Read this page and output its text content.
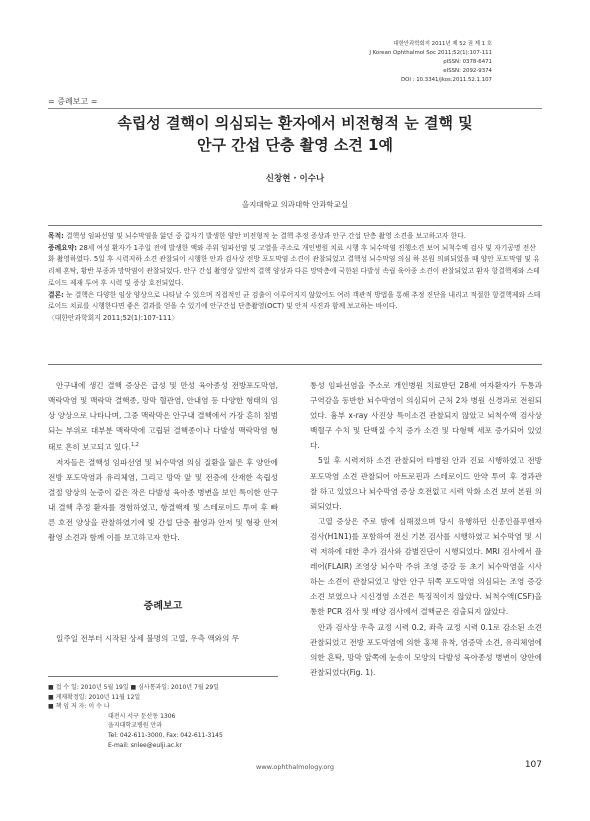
대한안과학회지 2011년 제 52 권 제 1 호
J Korean Ophthalmol Soc 2011;52(1):107-111
pISSN: 0378-6471
eISSN: 2092-9374
DOI : 10.3341/jkos.2011.52.1.107
= 증례보고 =
속립성 결핵이 의심되는 환자에서 비전형적 눈 결핵 및
안구 간섭 단층 촬영 소견 1예
신창현 · 이수나
을지대학교 의과대학 안과학교실

목적: 결핵성 임파선염 및 뇌수막염을 앓던 중 갑자기 발생한 양안 비전형적 눈 결핵 추정 증상과 안구 간섭 단층 촬영 소견을 보고하고자 한다.

증례요약: 28세 여성 환자가 1주일 전에 발생한 액와 주위 임파선염 및 고열을 주소로 개인병원 치료 시행 후 뇌수막염 진행소견 보여 뇌척수액 검사 및 자기공명 전산화 촬영하였다. 5일 후 시력저하 소견 관찰되어 시행한 안과 검사상 전방 포도막염 소견이 관찰되었고 결핵성 뇌수막염 의심 하 본원 의뢰되었을 때 양안 포도막염 및 유리체 혼탁, 황반 부종과 망막염이 관찰되었다. 안구 간섭 촬영상 일반적 결핵 양상과 다른 망막층에 국한된 다발성 속립 육아종 소견이 관찰되었고 환자 항결핵제와 스테로이드 제재 투여 후 시력 및 증상 호전되었다.

결론: 눈 결핵은 다양한 임상 양상으로 나타날 수 있으며 직접적인 균 검출이 이루어지지 않았어도 여러 객관적 방법을 통해 추정 진단을 내리고 적절한 항결핵제와 스테로이드 치료를 시행한다면 좋은 결과를 얻을 수 있기에 안구간섭 단층촬영(OCT) 및 안저 사진과 함께 보고하는 바이다.

〈대한안과학회지 2011;52(1):107-111〉

안구내에 생긴 결핵 증상은 급성 및 만성 육아종성 전방포도막염, 맥락막염 및 맥락막 결핵종, 망막 혈관염, 안내염 등 다양한 형태의 임상 양상으로 나타나며, 그중 맥락막은 안구내 결핵에서 가장 흔히 침범되는 부위로 대부분 맥락막에 고립된 결핵종이나 다발성 맥락막염 형태로 흔히 보고되고 있다.$^{1,2}$

저자들은 결핵성 임파선염 및 뇌수막염 의심 질환을 앓은 후 양안에 전방 포도막염과 유리체염, 그리고 망막 앞 및 전층에 산재한 속립성 결절 양상의 눈증이 같은 작은 다발성 육아종 병변을 보인 특이한 안구내 결핵 추정 환자를 경험하였고, 항결핵제 및 스테로이드 투여 후 빠른 호전 양상을 관찰하였기에 빛 간섭 단층 촬영과 안저 및 형광 안저 촬영 소견과 함께 이를 보고하고자 한다.

증례보고

일주일 전부터 시작된 상세 불명의 고열, 우측 액와의 무

■ 접 수 일: 2010년 5월 19일 ■ 심사통과일: 2010년 7월 29일
■ 게재확정일: 2010년 11월 12일
■ 책 임 저 자: 이 수 나
대전시 서구 둔산동 1306
을지대학교병원 안과
Tel: 042-611-3000, Fax: 042-611-3145
E-mail: snlee@eulji.ac.kr

통성 임파선염을 주소로 개인병원 치료받던 28세 여자환자가 두통과 구역감을 동반한 뇌수막염이 의심되어 근처 2차 병원 신경과로 전원되었다. 흉부 x-ray 사진상 특이소견 관찰되지 않았고 뇌척수액 검사상 백혈구 수치 및 단백질 수치 증가 소견 및 다형핵 세포 증가되어 있었다.

5일 후 시력저하 소견 관찰되어 타병원 안과 진료 시행하였고 전방 포도막염 소견 관찰되어 아트로핀과 스테로이드 안약 투여 후 경과관찰 하고 있었으나 뇌수막염 증상 호전없고 시력 악화 소견 보여 본원 의뢰되었다.

고열 증상은 주로 밤에 심해졌으며 당시 유행하던 신종인플루엔자 검사(H1N1)를 포함하여 전신 기본 검사를 시행하였고 뇌수막염 및 시력 저하에 대한 추가 검사와 감별진단이 시행되었다. MRI 검사에서 플레어(FLAIR) 조영상 뇌수막 주위 조영 증강 등 초기 뇌수막염을 시사하는 소견이 관찰되었고 양안 안구 뒤쪽 포도막염 의심되는 조영 증강 소견 보였으나 시신경염 소견은 특징적이지 않았다. 뇌척수액(CSF)을 통한 PCR 검사 및 배양 검사에서 결핵균은 검출되지 않았다.

안과 검사상 우측 교정 시력 0.2, 좌측 교정 시력 0.1로 감소된 소견 관찰되었고 전방 포도막염에 의한 홍채 유착, 염증막 소견, 유리체염에 의한 혼탁, 망막 앞쪽에 눈송이 모양의 다발성 육아종성 병변이 양안에 관찰되었다(Fig. 1).

www.ophthalmology.org	107
